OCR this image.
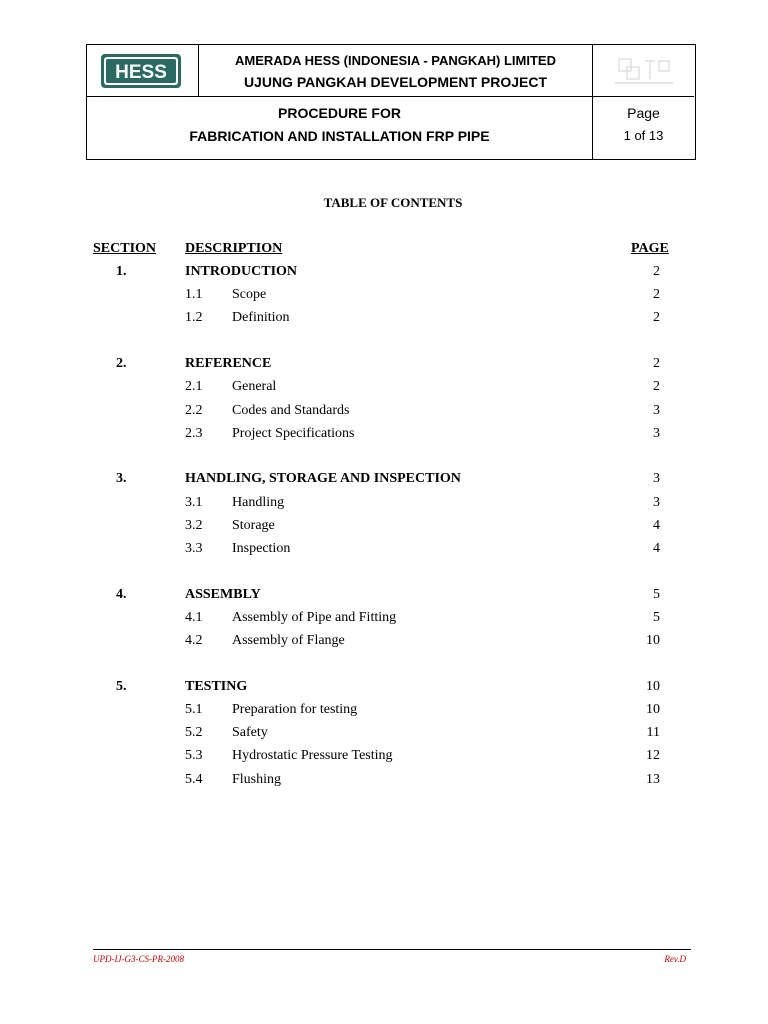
HESS
AMERADA HESS (INDONESIA - PANGKAH) LIMITED
UJUNG PANGKAH DEVELOPMENT PROJECT
PROCEDURE FOR
FABRICATION AND INSTALLATION FRP PIPE
Page
1 of 13
TABLE OF CONTENTS
SECTION DESCRIPTION	PAGE
1.	INTRODUCTION	2
1.1 Scope	2
1.2 Definition	2
2.	REFERENCE	2
2.1 General	2
2.2 Codes and Standards	3
2.3 Project Specifications	3
3.	HANDLING, STORAGE AND INSPECTION	3
3.1 Handling	3
3.2 Storage	4
3.3 Inspection	4
4.	ASSEMBLY	5
4.1 Assembly of Pipe and Fitting	5
4.2 Assembly of Flange	10
5.	TESTING	10
5.1 Preparation for testing	10
5.2 Safety	11
5.3 Hydrostatic Pressure Testing	12
5.4 Flushing	13
UPD-IJ-G3-CS-PR-2008	Rev.D
